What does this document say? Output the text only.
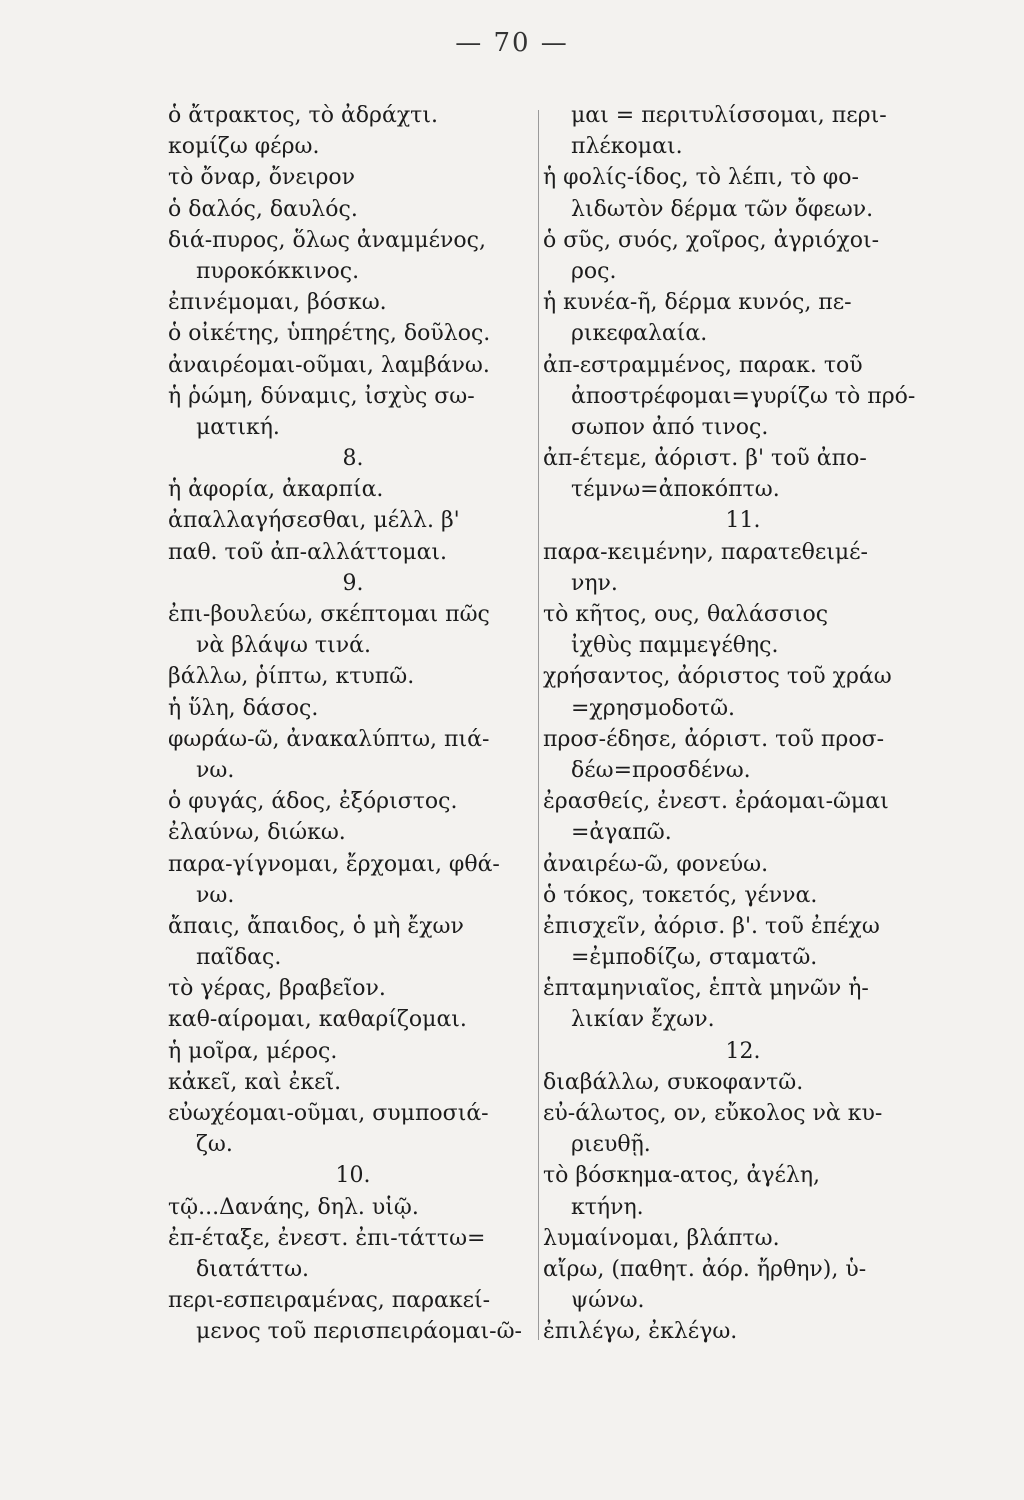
— 70 —
ὁ ἄτρακτος, τὸ ἀδράχτι.
κομίζω φέρω.
τὸ ὄναρ, ὄνειρον
ὁ δαλός, δαυλός.
διά-πυρος, ὅλως ἀναμμένος,
πυροκόκκινος.
ἐπινέμομαι, βόσκω.
ὁ οἰκέτης, ὑπηρέτης, δοῦλος.
ἀναιρέομαι-οῦμαι, λαμβάνω.
ἡ ῥώμη, δύναμις, ἰσχὺς σω-
ματική.
8.
ἡ ἀφορία, ἀκαρπία.
ἀπαλλαγήσεσθαι, μέλλ. β'
παθ. τοῦ ἀπ-αλλάττομαι.
9.
ἐπι-βουλεύω, σκέπτομαι πῶς
νὰ βλάψω τινά.
βάλλω, ῥίπτω, κτυπῶ.
ἡ ὕλη, δάσος.
φωράω-ῶ, ἀνακαλύπτω, πιά-
νω.
ὁ φυγάς, άδος, ἐξόριστος.
ἐλαύνω, διώκω.
παρα-γίγνομαι, ἔρχομαι, φθά-
νω.
ἄπαις, ἄπαιδος, ὁ μὴ ἔχων
παῖδας.
τὸ γέρας, βραβεῖον.
καθ-αίρομαι, καθαρίζομαι.
ἡ μοῖρα, μέρος.
κἀκεῖ, καὶ ἐκεῖ.
εὐωχέομαι-οῦμαι, συμποσιά-
ζω.
10.
τῷ...Δανάης, δηλ. υἱῷ.
ἐπ-έταξε, ἐνεστ. ἐπι-τάττω=
διατάττω.
περι-εσπειραμένας, παρακεί-
μενος τοῦ περισπειράομαι-ῶ-
μαι = περιτυλίσσομαι, περι-
πλέκομαι.
ἡ φολίς-ίδος, τὸ λέπι, τὸ φο-
λιδωτὸν δέρμα τῶν ὄφεων.
ὁ σῦς, συός, χοῖρος, ἀγριόχοι-
ρος.
ἡ κυνέα-ῆ, δέρμα κυνός, πε-
ρικεφαλαία.
ἀπ-εστραμμένος, παρακ. τοῦ
ἀποστρέφομαι=γυρίζω τὸ πρό-
σωπον ἀπό τινος.
ἀπ-έτεμε, ἀόριστ. β' τοῦ ἀπο-
τέμνω=ἀποκόπτω.
11.
παρα-κειμένην, παρατεθειμέ-
νην.
τὸ κῆτος, ους, θαλάσσιος
ἰχθὺς παμμεγέθης.
χρήσαντος, ἀόριστος τοῦ χράω
=χρησμοδοτῶ.
προσ-έδησε, ἀόριστ. τοῦ προσ-
δέω=προσδένω.
ἐρασθείς, ἐνεστ. ἐράομαι-ῶμαι
=ἀγαπῶ.
ἀναιρέω-ῶ, φονεύω.
ὁ τόκος, τοκετός, γέννα.
ἐπισχεῖν, ἀόρισ. β'. τοῦ ἐπέχω
=ἐμποδίζω, σταματῶ.
ἑπταμηνιαῖος, ἑπτὰ μηνῶν ἡ-
λικίαν ἔχων.
12.
διαβάλλω, συκοφαντῶ.
εὐ-άλωτος, ον, εὔκολος νὰ κυ-
ριευθῇ.
τὸ βόσκημα-ατος, ἀγέλη,
κτήνη.
λυμαίνομαι, βλάπτω.
αἴρω, (παθητ. ἀόρ. ἤρθην), ὑ-
ψώνω.
ἐπιλέγω, ἐκλέγω.
